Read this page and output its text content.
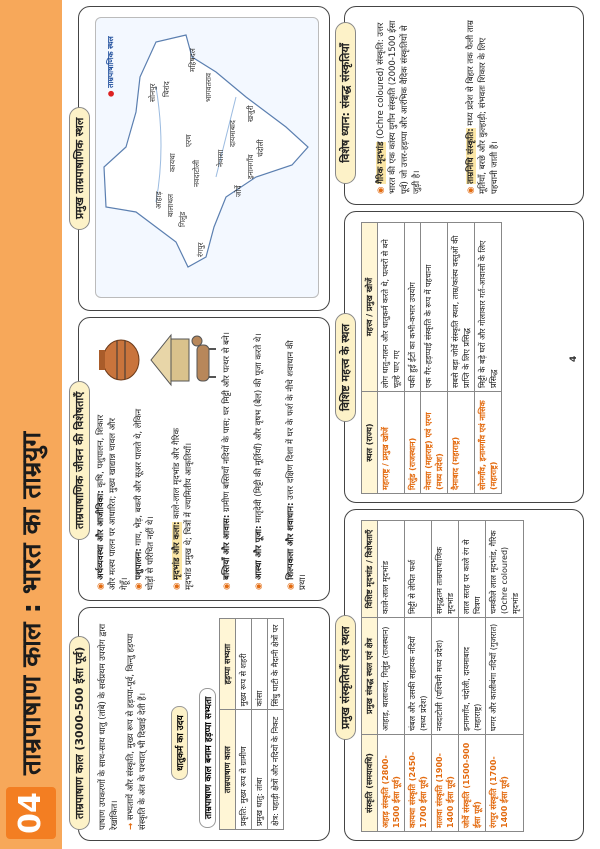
04
ताम्रपाषाण काल : भारत का ताम्रयुग	ताम्रपाषाण काल (3000-500 ईसा पूर्व)	पाषाण उपकरणों के साथ-साथ धातु (तांबे) के सर्वप्रथम उपयोग द्वारा रेखांकित। → सभ्यतायें और संस्कृति, मुख्य रूप से हड़प्पा-पूर्व, किन्तु हड़प्पा संस्कृति के अंत के पश्चात् भी दिखाई देती हैं।	धातुकर्म का उदय	ताम्रपाषाण काल बनाम हड़प्पा सभ्यता ताम्रपाषाण काल	हड़प्पा सभ्यता
प्रकृति: मुख्य रूप से ग्रामीण	मुख्य रूप से शहरी
प्रमुख धातु: तांबा	कांसा
क्षेत्र: पहाड़ी क्षेत्रों और नदियों के निकट	सिंधु घाटी के मैदानी क्षेत्रों पर
ताम्रपाषाणिक जीवन की विशेषताएँ
◉ अर्थव्यवस्था और आजीविका: कृषि, पशुपालन, शिकार और मत्स्य पालन पर आधारित; मुख्य खाद्यान्न चावल और गेहूँ। ◉ पशुपालन: गाय, भेड़, बकरी और सूअर पालते थे, लेकिन घोड़ों से परिचित नहीं थे। ◉ मृदभांड और कला: काले-लाल मृदभांड और गैरिक मृदभांड प्रमुख थे; चित्रों में ज्यामितीय आकृतियाँ।	◉ बस्तियाँ और आवास: ग्रामीण बस्तियाँ नदियों के पास; घर मिट्टी और पत्थर से बने।
◉ आस्था और पूजा: मातृदेवी (मिट्टी की मूर्तियाँ) और वृषभ (बैल) की पूजा करते थे।
◉ शिल्पकला और शवाधान: उत्तर दक्षिण दिशा में घर के फर्श के नीचे शवाधान की प्रथा।
प्रमुख ताम्रपाषाणिक स्थल
● ताम्रपाषाणिक स्थल
सोनपुर चिरांद
कायथा	इनामगाँव
नवदाटोली
एरण
बालाथल
गिलुंड
आहाड़
नेवासा
दायमाबाद
जोर्वे
चंदोली
रंगपुर
भागवतराव
खजुरी
महिषदल
प्रमुख संस्कृतियाँ एवं स्थल
संस्कृति (समयावधि)	प्रमुख संबद्ध स्थल एवं क्षेत्र	विशिष्ट मृदभांड / विशेषताएँ
अहाड़ संस्कृति (2800-1500 ईसा पूर्व)	आहाड़, बालाथल, गिलुंड (राजस्थान)	काले-लाल मृदभांड
कायथा संस्कृति (2450-1700 ईसा पूर्व)	चंबल और उसकी सहायक नदियाँ (मध्य प्रदेश)	मिट्टी से लेपित फर्श
मालवा संस्कृति (1900-1400 ईसा पूर्व)	नवदाटोली (पश्चिमी मध्य प्रदेश)	समृद्धतम ताम्रपाषाणिक मृदभांड
जोर्वे संस्कृति (1500-900 ईसा पूर्व)	इनामगाँव, चंदोली, दायमाबाद (महाराष्ट्र)	लाल सतह पर काले रंग से चित्रण
रंगपुर संस्कृति (1700-1400 ईसा पूर्व)	घग्गर और कालीबंगा नदियाँ (गुजरात)	चमकीले लाल मृदभांड, गैरिक (Ochre coloured) मृदभांड
विशिष्ट महत्त्व के स्थल
स्थल (राज्य)	महत्त्व / प्रमुख खोजें
महाराष्ट्र / प्रमुख खोजें	लोग धातु-गलन और धातुकर्म करते थे, पत्थरों से बने चूल्हे पाए गए
गिलुंड (राजस्थान)	पकी हुई ईंटों का कभी-कभार उपयोग
नेवासा (महाराष्ट्र) एवं एरण (मध्य प्रदेश)	एक गैर-हड़प्पाई संस्कृति के रूप में पहचाना
दैमाबाद (महाराष्ट्र)	सबसे बड़ा जोर्वे संस्कृति स्थल, ताम्र/कांस्य वस्तुओं की प्राप्ति के लिए प्रसिद्ध
सोनगाँव, इनामगाँव एवं नासिक (महाराष्ट्र)	मिट्टी के बड़े घरों और गोलाकार गर्त-आवासों के लिए प्रसिद्ध
4
विशेष ध्यान: संबद्ध संस्कृतियाँ
◉ गैरिक मृदभांड (Ochre coloured) संस्कृति: उत्तर भारत की एक कांस्य युगीन संस्कृति (2000-1500 ईसा पूर्व) जो उत्तर-हड़प्पा और आरंभिक वैदिक संस्कृतियों से जुड़ी है।	◉ ताम्रनिधि संस्कृति: मध्य प्रदेश से बिहार तक फैली ताम्र मूर्तियाँ, बरछे और कुल्हाड़ी; संभवतः शिकार के लिए पहचानी जाती हैं।
